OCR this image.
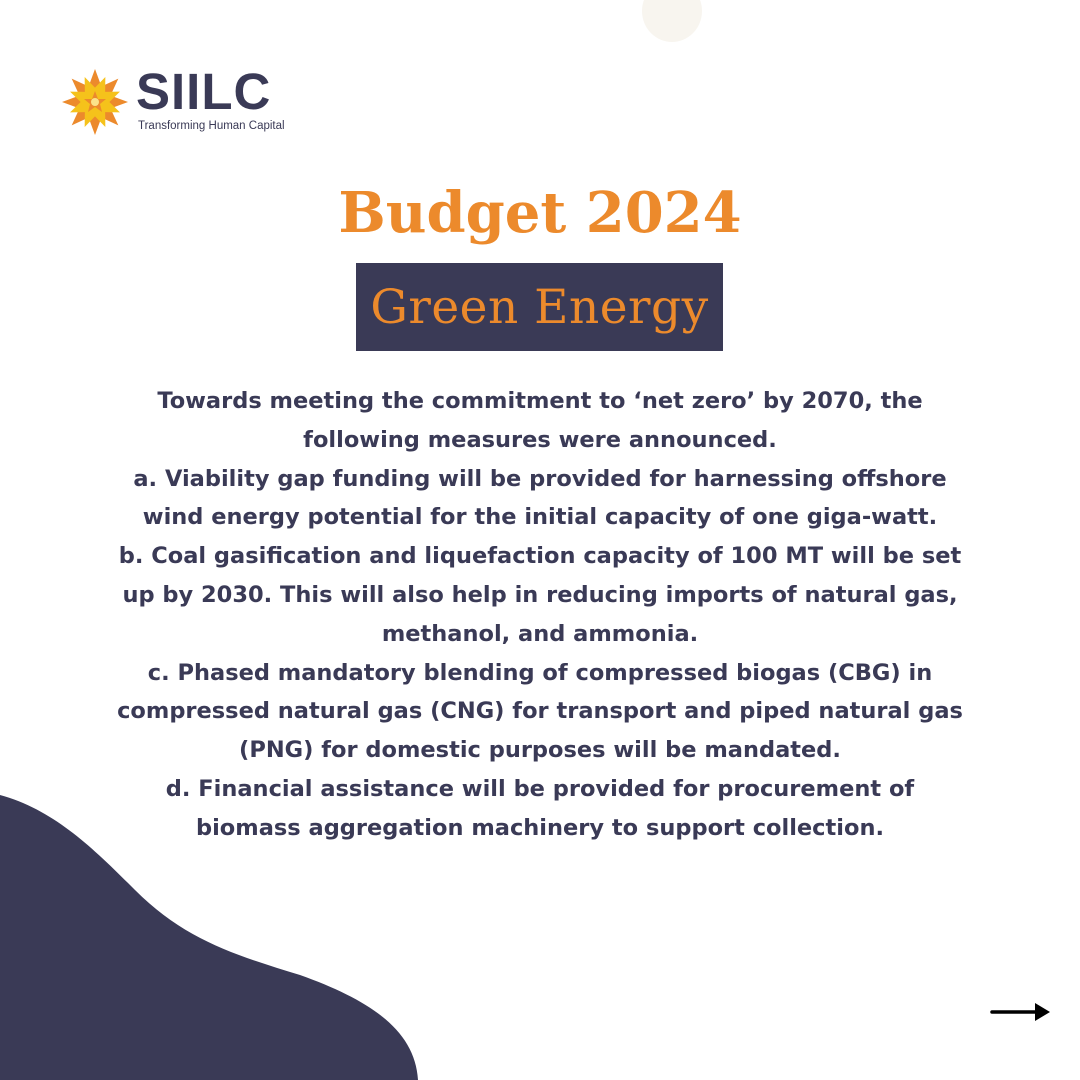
SIILC
Transforming Human Capital
Budget 2024
Green Energy

Towards meeting the commitment to ‘net zero’ by 2070, the following measures were announced.

a. Viability gap funding will be provided for harnessing offshore wind energy potential for the initial capacity of one giga-watt.

b. Coal gasification and liquefaction capacity of 100 MT will be set up by 2030. This will also help in reducing imports of natural gas, methanol, and ammonia.

c. Phased mandatory blending of compressed biogas (CBG) in compressed natural gas (CNG) for transport and piped natural gas (PNG) for domestic purposes will be mandated.

d. Financial assistance will be provided for procurement of biomass aggregation machinery to support collection.
